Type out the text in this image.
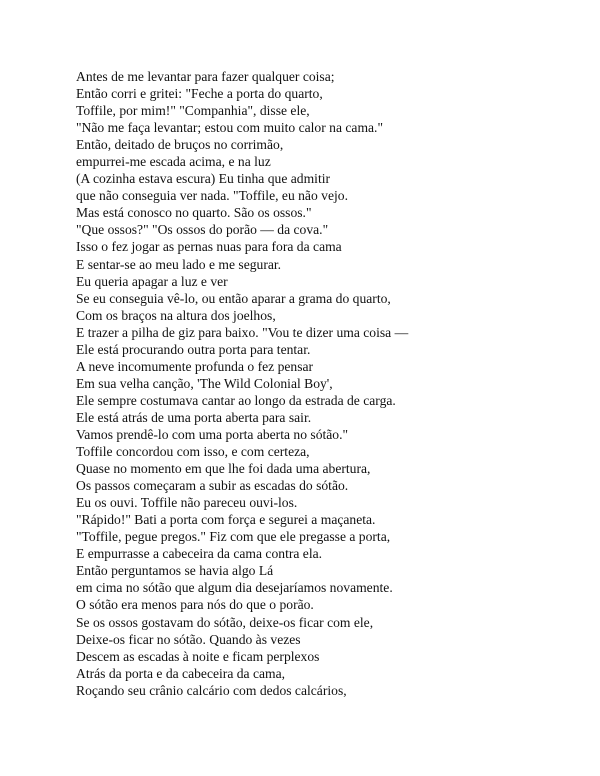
Antes de me levantar para fazer qualquer coisa;
Então corri e gritei: "Feche a porta do quarto,
Toffile, por mim!" "Companhia", disse ele,
"Não me faça levantar; estou com muito calor na cama."
Então, deitado de bruços no corrimão,
empurrei-me escada acima, e na luz
(A cozinha estava escura) Eu tinha que admitir
que não conseguia ver nada. "Toffile, eu não vejo.
Mas está conosco no quarto. São os ossos."
"Que ossos?" "Os ossos do porão — da cova."
Isso o fez jogar as pernas nuas para fora da cama
E sentar-se ao meu lado e me segurar.
Eu queria apagar a luz e ver
Se eu conseguia vê-lo, ou então aparar a grama do quarto,
Com os braços na altura dos joelhos,
E trazer a pilha de giz para baixo. "Vou te dizer uma coisa —
Ele está procurando outra porta para tentar.
A neve incomumente profunda o fez pensar
Em sua velha canção, 'The Wild Colonial Boy',
Ele sempre costumava cantar ao longo da estrada de carga.
Ele está atrás de uma porta aberta para sair.
Vamos prendê-lo com uma porta aberta no sótão."
Toffile concordou com isso, e com certeza,
Quase no momento em que lhe foi dada uma abertura,
Os passos começaram a subir as escadas do sótão.
Eu os ouvi. Toffile não pareceu ouvi-los.
"Rápido!" Bati a porta com força e segurei a maçaneta.
"Toffile, pegue pregos." Fiz com que ele pregasse a porta,
E empurrasse a cabeceira da cama contra ela.
Então perguntamos se havia algo Lá
em cima no sótão que algum dia desejaríamos novamente.
O sótão era menos para nós do que o porão.
Se os ossos gostavam do sótão, deixe-os ficar com ele,
Deixe-os ficar no sótão. Quando às vezes
Descem as escadas à noite e ficam perplexos
Atrás da porta e da cabeceira da cama,
Roçando seu crânio calcário com dedos calcários,
